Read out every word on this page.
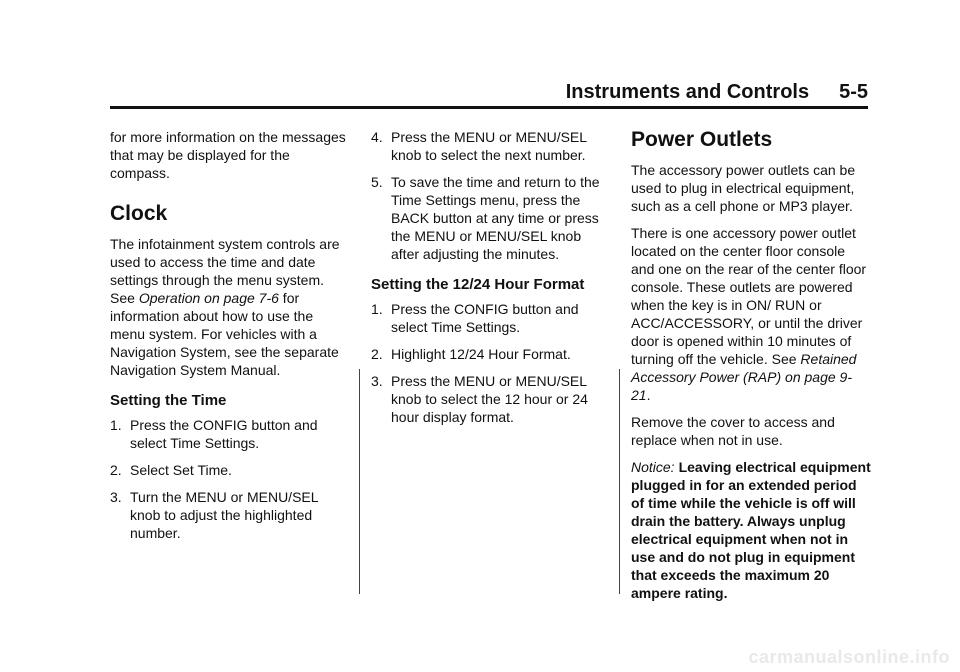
Instruments and Controls 5-5

for more information on the messages that may be displayed for the compass.

Clock

The infotainment system controls are used to access the time and date settings through the menu system. See Operation on page 7-6 for information about how to use the menu system. For vehicles with a Navigation System, see the separate Navigation System Manual.

Setting the Time
1. Press the CONFIG button and select Time Settings.
2. Select Set Time.
3. Turn the MENU or MENU/SEL knob to adjust the highlighted number.
4. Press the MENU or MENU/SEL knob to select the next number.
5. To save the time and return to the Time Settings menu, press the BACK button at any time or press the MENU or MENU/SEL knob after adjusting the minutes.
Setting the 12/24 Hour Format
1. Press the CONFIG button and select Time Settings.
2. Highlight 12/24 Hour Format.
3. Press the MENU or MENU/SEL knob to select the 12 hour or 24 hour display format.
Power Outlets

The accessory power outlets can be used to plug in electrical equipment, such as a cell phone or MP3 player.

There is one accessory power outlet located on the center floor console and one on the rear of the center floor console. These outlets are powered when the key is in ON/ RUN or ACC/ACCESSORY, or until the driver door is opened within 10 minutes of turning off the vehicle. See Retained Accessory Power (RAP) on page 9-21.

Remove the cover to access and replace when not in use.

Notice: Leaving electrical equipment plugged in for an extended period of time while the vehicle is off will drain the battery. Always unplug electrical equipment when not in use and do not plug in equipment that exceeds the maximum 20 ampere rating.

carmanualsonline.info
